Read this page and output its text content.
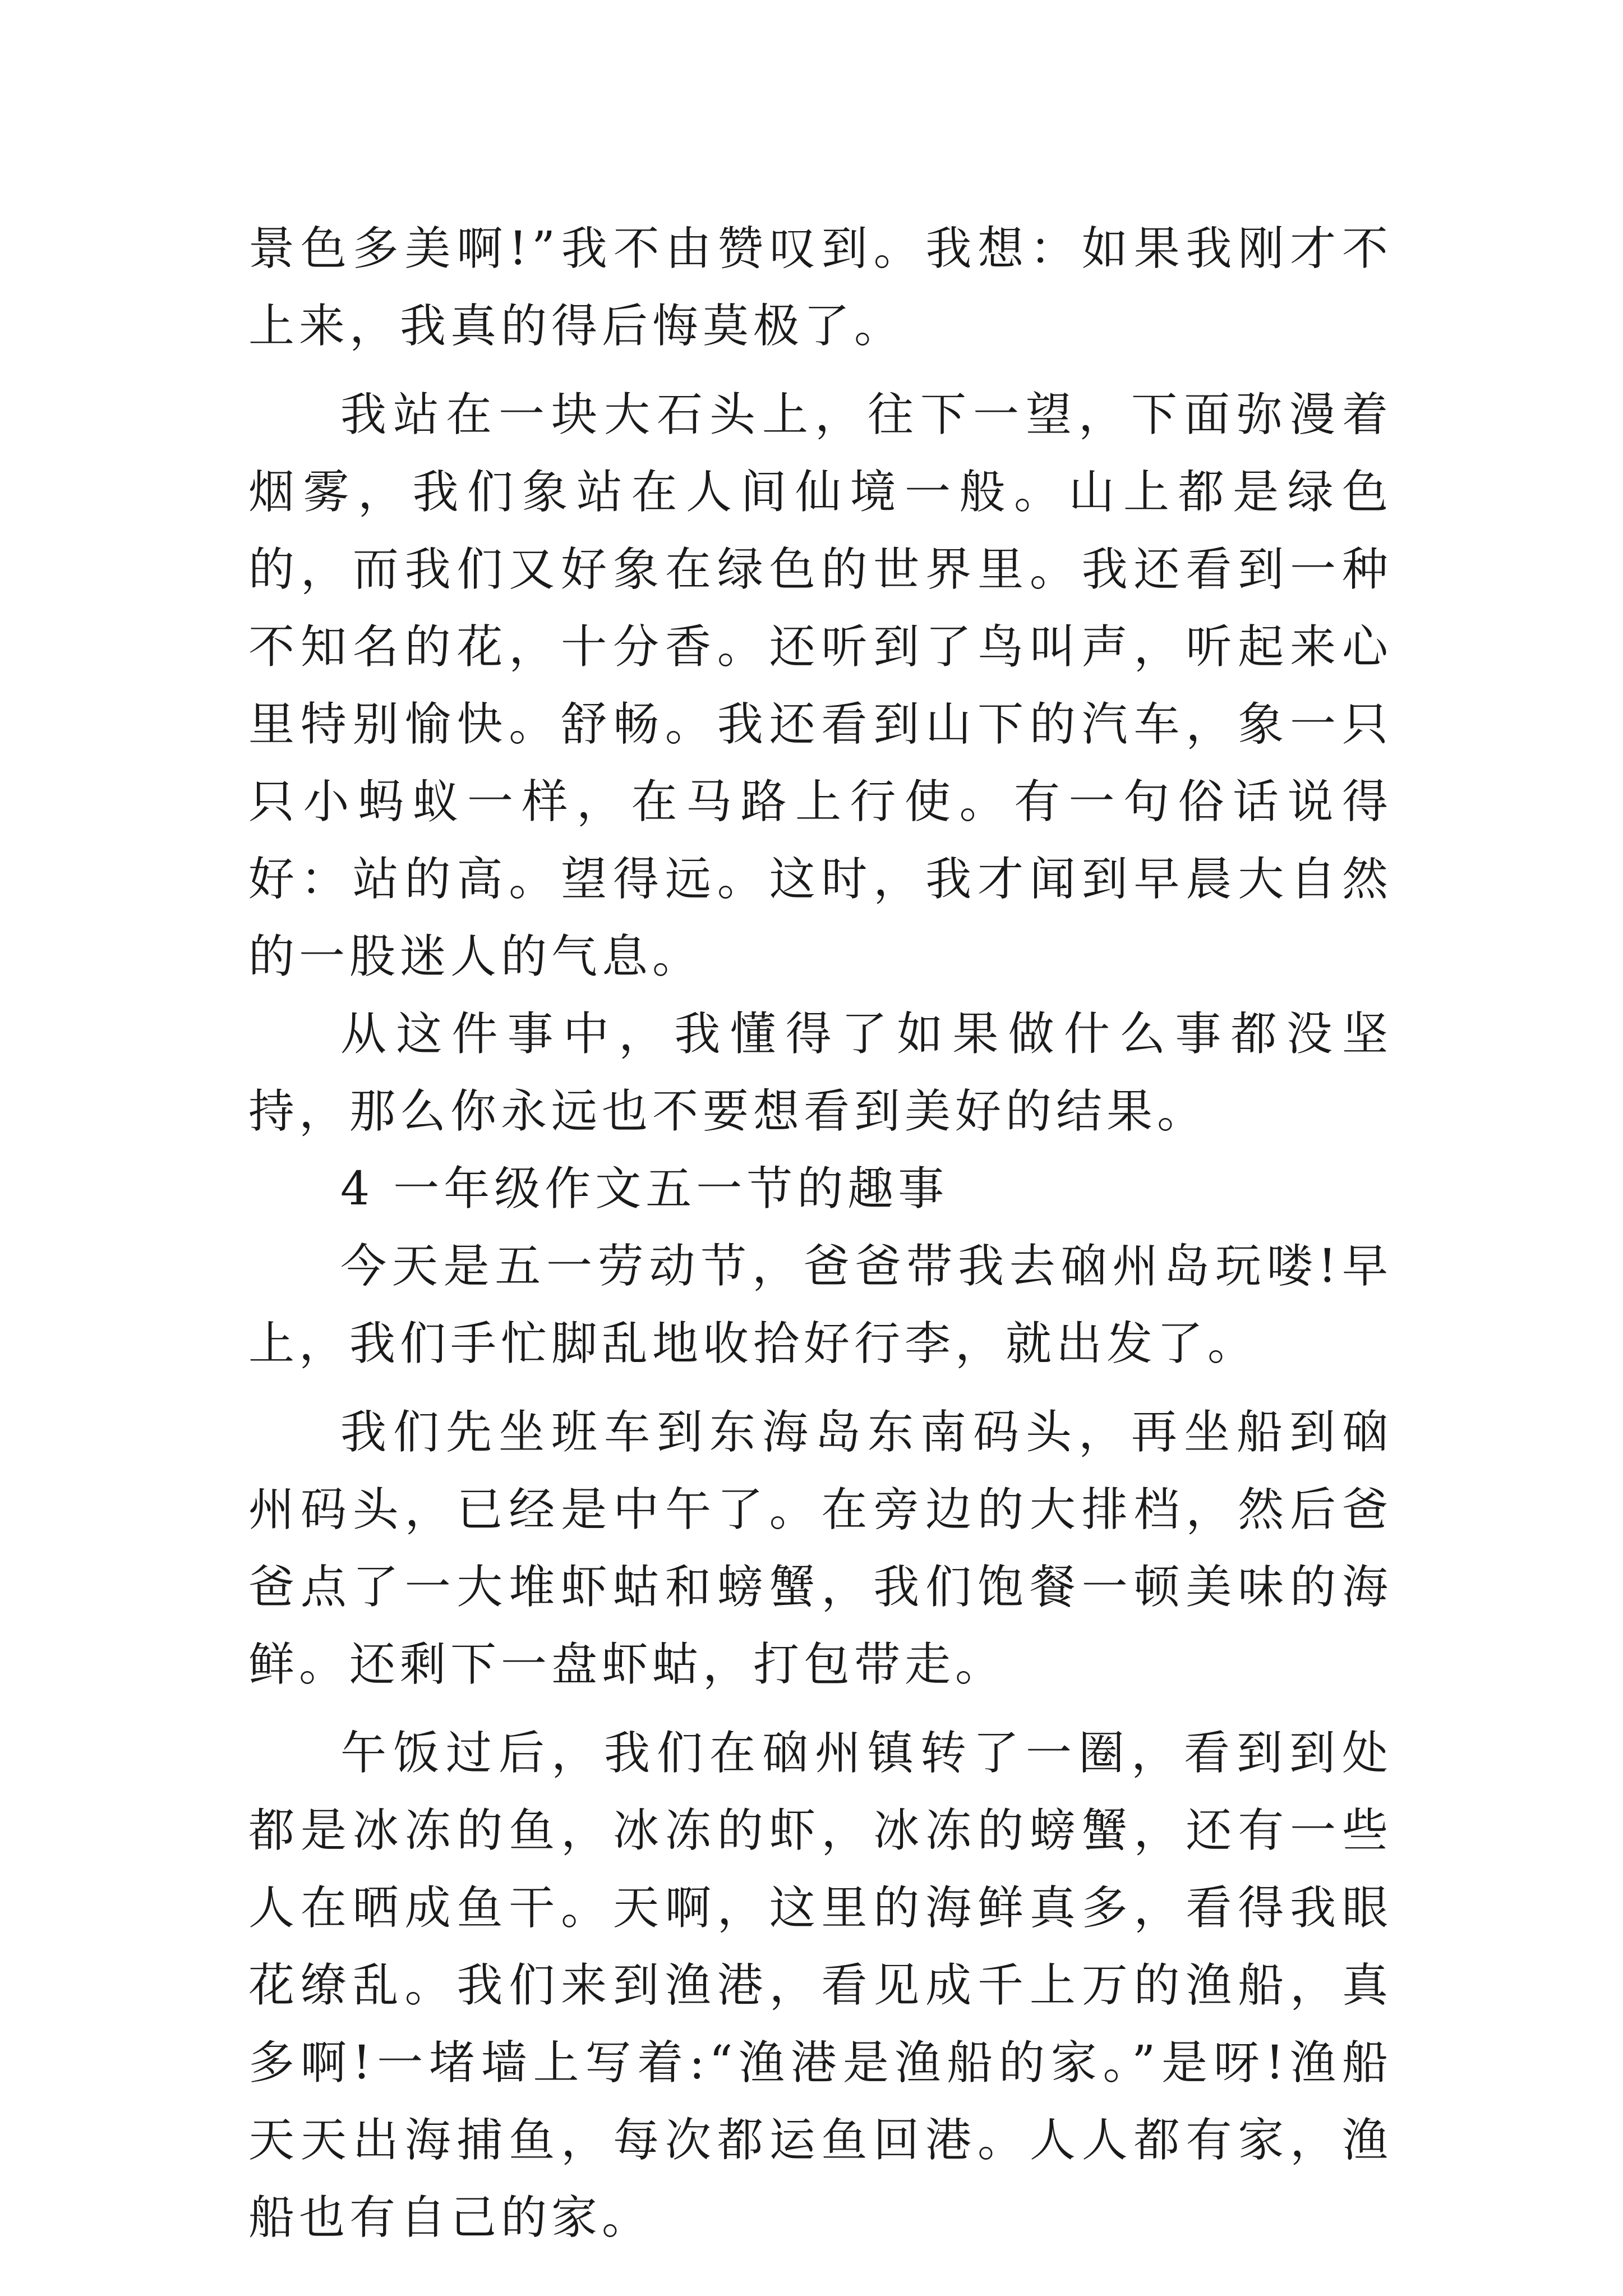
景色多美啊!”我不由赞叹到。我想：如果我刚才不上来，我真的得后悔莫极了。

我站在一块大石头上，往下一望，下面弥漫着烟雾，我们象站在人间仙境一般。山上都是绿色的，而我们又好象在绿色的世界里。我还看到一种不知名的花，十分香。还听到了鸟叫声，听起来心里特别愉快。舒畅。我还看到山下的汽车，象一只只小蚂蚁一样，在马路上行使。有一句俗话说得好：站的高。望得远。这时，我才闻到早晨大自然的一股迷人的气息。

从这件事中，我懂得了如果做什么事都没坚持，那么你永远也不要想看到美好的结果。

4 一年级作文五一节的趣事

今天是五一劳动节，爸爸带我去硇州岛玩喽!早上，我们手忙脚乱地收拾好行李，就出发了。

我们先坐班车到东海岛东南码头，再坐船到硇州码头，已经是中午了。在旁边的大排档，然后爸爸点了一大堆虾蛄和螃蟹，我们饱餐一顿美味的海鲜。还剩下一盘虾蛄，打包带走。

午饭过后，我们在硇州镇转了一圈，看到到处都是冰冻的鱼，冰冻的虾，冰冻的螃蟹，还有一些人在晒成鱼干。天啊，这里的海鲜真多，看得我眼花缭乱。我们来到渔港，看见成千上万的渔船，真多啊!一堵墙上写着:“渔港是渔船的家。”是呀!渔船天天出海捕鱼，每次都运鱼回港。人人都有家，渔船也有自己的家。
